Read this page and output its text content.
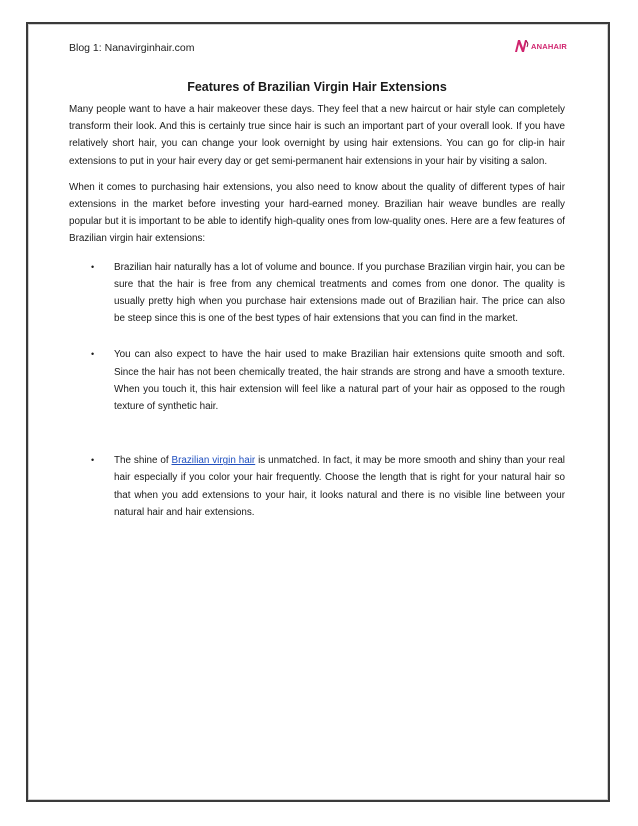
Blog 1: Nanavirginhair.com	ANAHAIR
Features of Brazilian Virgin Hair Extensions

Many people want to have a hair makeover these days. They feel that a new haircut or hair style can completely transform their look. And this is certainly true since hair is such an important part of your overall look. If you have relatively short hair, you can change your look overnight by using hair extensions. You can go for clip-in hair extensions to put in your hair every day or get semi-permanent hair extensions in your hair by visiting a salon.

When it comes to purchasing hair extensions, you also need to know about the quality of different types of hair extensions in the market before investing your hard-earned money. Brazilian hair weave bundles are really popular but it is important to be able to identify high-quality ones from low-quality ones. Here are a few features of Brazilian virgin hair extensions:

• Brazilian hair naturally has a lot of volume and bounce. If you purchase Brazilian virgin hair, you can be sure that the hair is free from any chemical treatments and comes from one donor. The quality is usually pretty high when you purchase hair extensions made out of Brazilian hair. The price can also be steep since this is one of the best types of hair extensions that you can find in the market.
• You can also expect to have the hair used to make Brazilian hair extensions quite smooth and soft. Since the hair has not been chemically treated, the hair strands are strong and have a smooth texture. When you touch it, this hair extension will feel like a natural part of your hair as opposed to the rough texture of synthetic hair.
• The shine of Brazilian virgin hair is unmatched. In fact, it may be more smooth and shiny than your real hair especially if you color your hair frequently. Choose the length that is right for your natural hair so that when you add extensions to your hair, it looks natural and there is no visible line between your natural hair and hair extensions.
